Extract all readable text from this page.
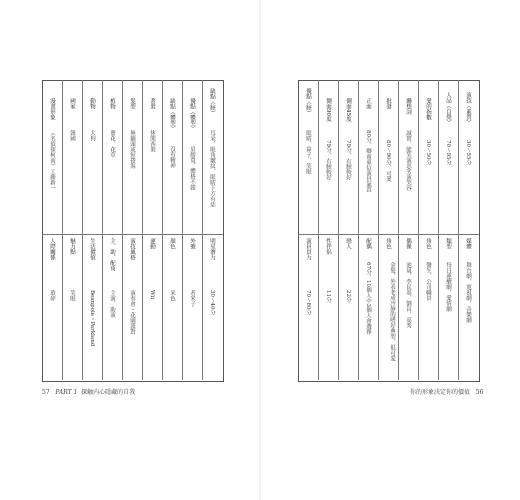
漫畫形象
《名偵探柯南》工藤新一
人際關係
瑣碎
國家
韓國
魅力點
笑眼
動物
大狗
生活價值
Beanpole・Parkland
植物
薔花、花草
主、助、配角
主演、助演
髮型
無鋪頭或短捲海
演技風格
演奏會・花園派對
著裝
休閒西裝
運動
Wii
缺點（體型）
沒有精神
顏色
米色
優點（體型）
肩膀寬，體格不錯
外號
者米子
缺點（臉）
耳朵，眼角皺紋，眼睛下方有痣
明星潛力
30～40分
57 PART 1 探触内心隱藏的自我
優點（臉）
眼睛，鼻子，笑眼
演員員力
70～80分
側面90度
79分，右臉較好
性伴侶
11分
側面45度
79分，右臉較好
戀人
22分
正面
80分，鄉南東信演員氣質
配偶
67分，10個人中3個人會選擇
批發
80～90分，可愛
角色
金髮，外表老成冷靜的嗜好典型，很可愛
聯想詞
誠實，能笑演惡劣演笑容
偶像
池晟，李民基，劉昌，高秀
愛的指數
30～50分
角色
醫生，公司職員
人品（自覺）
70～95分
類型
每日連續劇，愛情劇
演技（素質）
30～55分
媒體
舞台劇，電視劇，音樂劇
你的形象決定你的價值 56
